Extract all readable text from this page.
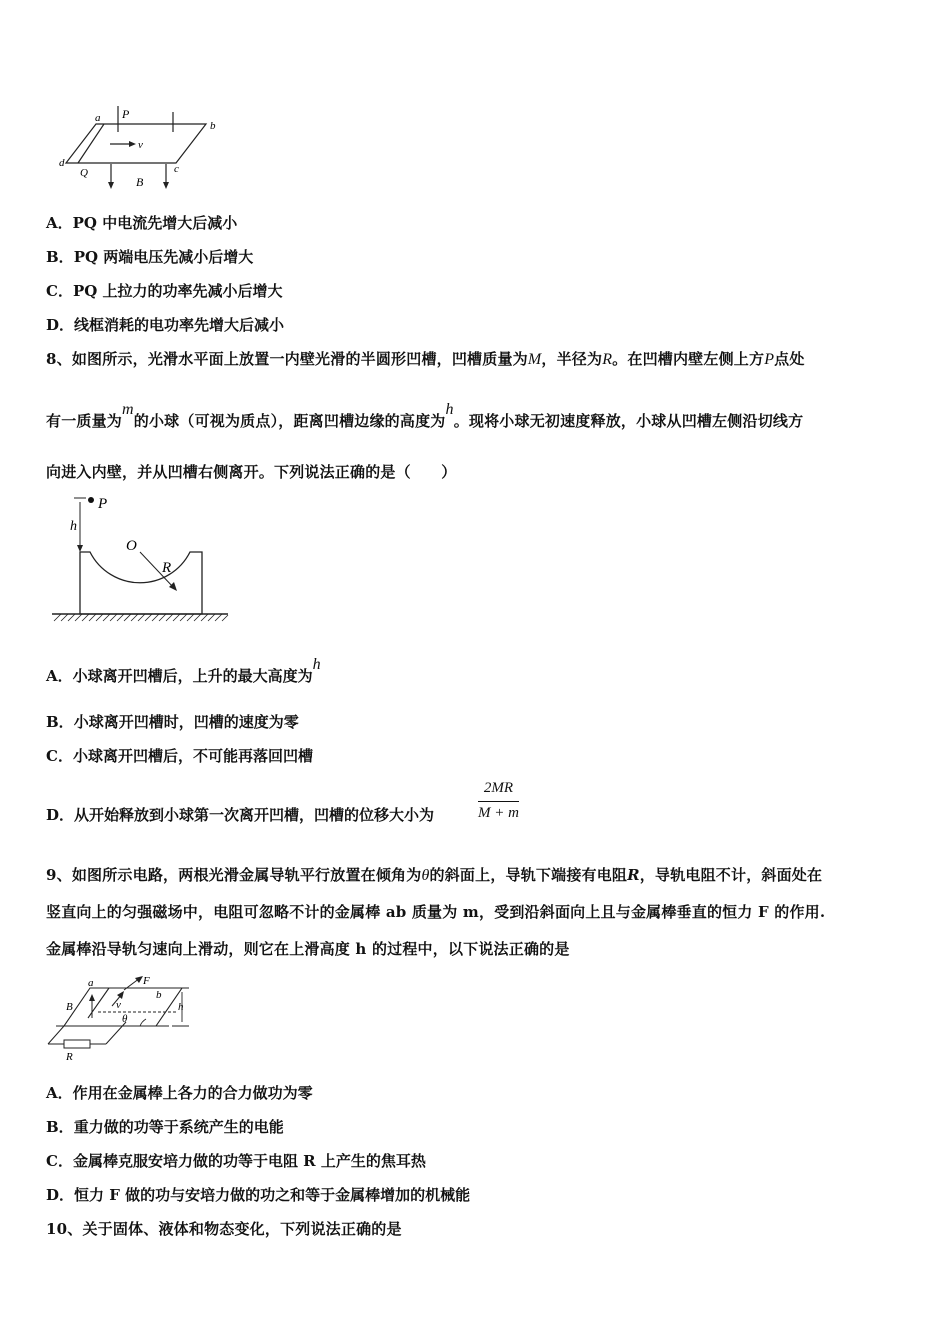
a P
b
v
d
Q
B
c
A．PQ 中电流先增大后减小
B．PQ 两端电压先减小后增大
C．PQ 上拉力的功率先减小后增大
D．线框消耗的电功率先增大后减小
8、如图所示，光滑水平面上放置一内壁光滑的半圆形凹槽，凹槽质量为M，半径为R。在凹槽内壁左侧上方P点处
有一质量为m的小球（可视为质点），距离凹槽边缘的高度为h。现将小球无初速度释放，小球从凹槽左侧沿切线方
向进入内壁，并从凹槽右侧离开。下列说法正确的是（　　）
P
h
O
R
A．小球离开凹槽后，上升的最大高度为h
B．小球离开凹槽时，凹槽的速度为零
C．小球离开凹槽后，不可能再落回凹槽
D．从开始释放到小球第一次离开凹槽，凹槽的位移大小为	$\frac{2MR}{M + m}$
9、如图所示电路，两根光滑金属导轨平行放置在倾角为θ的斜面上，导轨下端接有电阻R，导轨电阻不计，斜面处在
竖直向上的匀强磁场中，电阻可忽略不计的金属棒 ab 质量为 m，受到沿斜面向上且与金属棒垂直的恒力 F 的作用.
金属棒沿导轨匀速向上滑动，则它在上滑高度 h 的过程中，以下说法正确的是
a	F
b
B	v	h
θ
R
A．作用在金属棒上各力的合力做功为零
B．重力做的功等于系统产生的电能
C．金属棒克服安培力做的功等于电阻 R 上产生的焦耳热
D．恒力 F 做的功与安培力做的功之和等于金属棒增加的机械能
10、关于固体、液体和物态变化，下列说法正确的是
